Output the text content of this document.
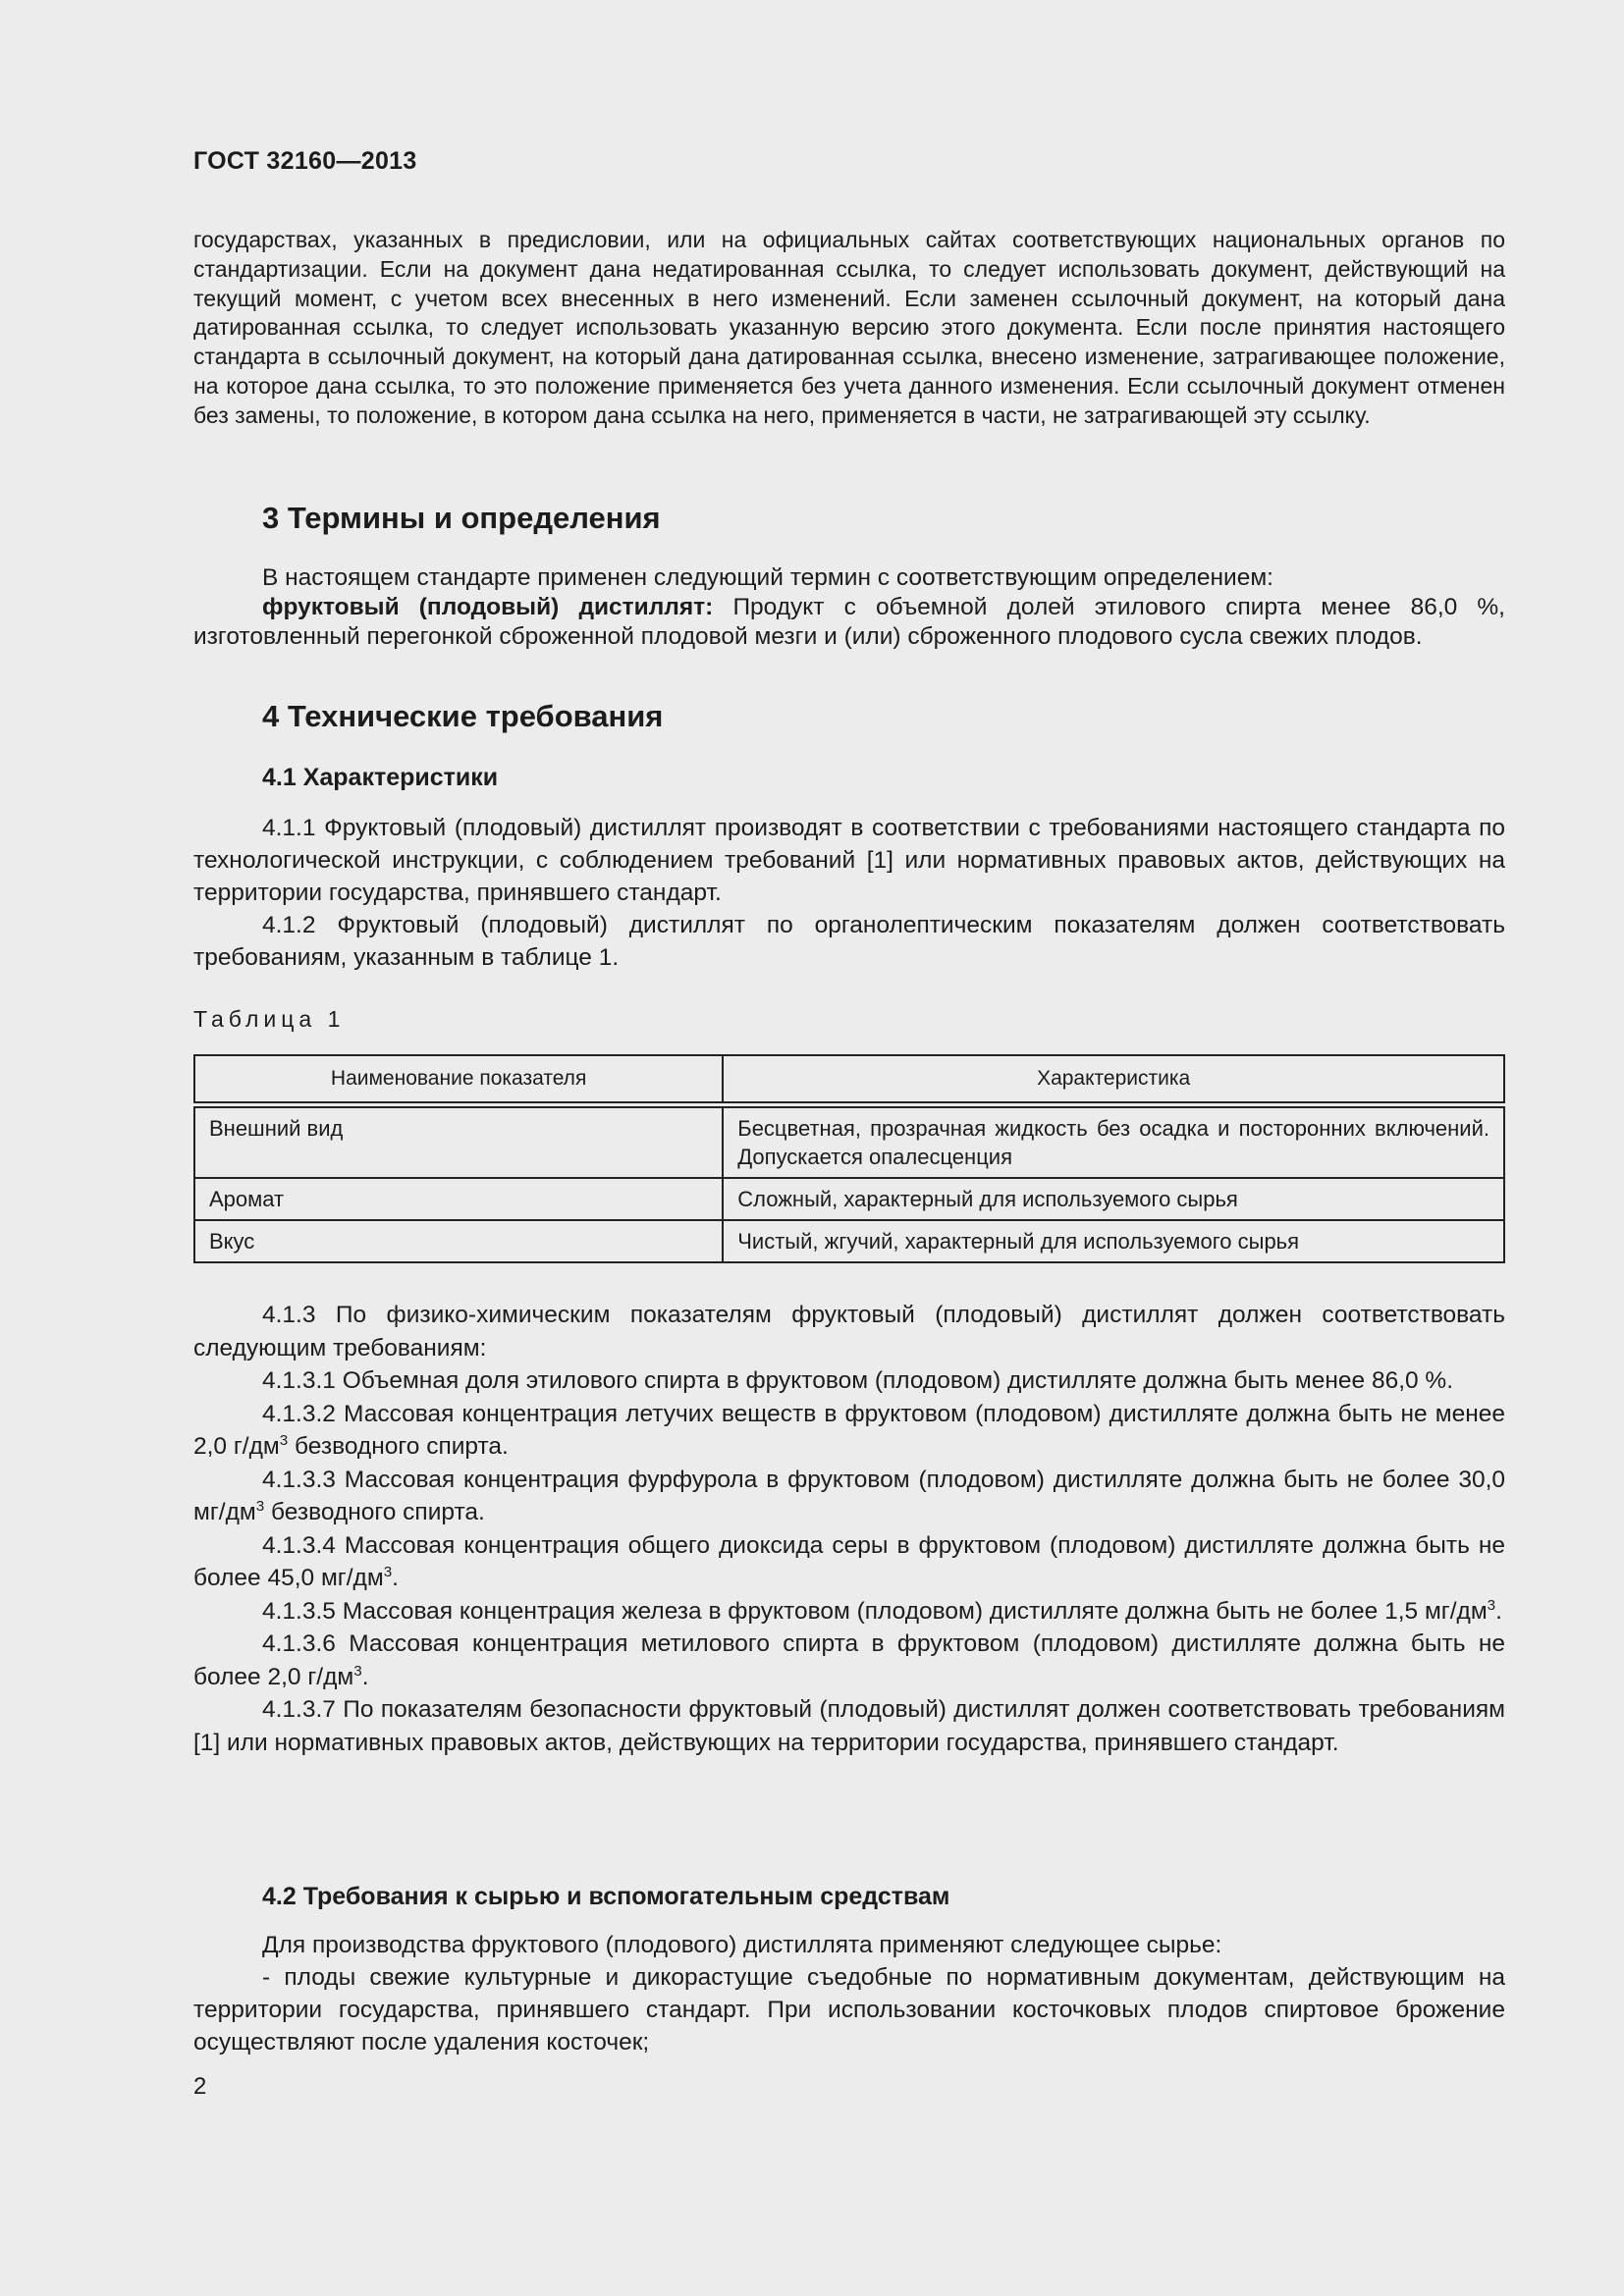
ГОСТ 32160—2013

государствах, указанных в предисловии, или на официальных сайтах соответствующих национальных органов по стандартизации. Если на документ дана недатированная ссылка, то следует использовать документ, действующий на текущий момент, с учетом всех внесенных в него изменений. Если заменен ссылочный документ, на который дана датированная ссылка, то следует использовать указанную версию этого документа. Если после принятия настоящего стандарта в ссылочный документ, на который дана датированная ссылка, внесено изменение, затрагивающее положение, на которое дана ссылка, то это положение применяется без учета данного изменения. Если ссылочный документ отменен без замены, то положение, в котором дана ссылка на него, применяется в части, не затрагивающей эту ссылку.

3 Термины и определения

В настоящем стандарте применен следующий термин с соответствующим определением:

фруктовый (плодовый) дистиллят: Продукт с объемной долей этилового спирта менее 86,0 %, изготовленный перегонкой сброженной плодовой мезги и (или) сброженного плодового сусла свежих плодов.

4 Технические требования
4.1 Характеристики

4.1.1 Фруктовый (плодовый) дистиллят производят в соответствии с требованиями настоящего стандарта по технологической инструкции, с соблюдением требований [1] или нормативных правовых актов, действующих на территории государства, принявшего стандарт.

4.1.2 Фруктовый (плодовый) дистиллят по органолептическим показателям должен соответствовать требованиям, указанным в таблице 1.

Таблица 1

Наименование показателя	Характеристика
Внешний вид	Бесцветная, прозрачная жидкость без осадка и посторонних включений. Допускается опалесценция
Аромат	Сложный, характерный для используемого сырья
Вкус	Чистый, жгучий, характерный для используемого сырья

4.1.3 По физико-химическим показателям фруктовый (плодовый) дистиллят должен соответствовать следующим требованиям:

4.1.3.1 Объемная доля этилового спирта в фруктовом (плодовом) дистилляте должна быть менее 86,0 %.

4.1.3.2 Массовая концентрация летучих веществ в фруктовом (плодовом) дистилляте должна быть не менее 2,0 $г/дм^3$ безводного спирта.

4.1.3.3 Массовая концентрация фурфурола в фруктовом (плодовом) дистилляте должна быть не более 30,0 $мг/дм^3$ безводного спирта.

4.1.3.4 Массовая концентрация общего диоксида серы в фруктовом (плодовом) дистилляте должна быть не более 45,0 $мг/дм^3$.

4.1.3.5 Массовая концентрация железа в фруктовом (плодовом) дистилляте должна быть не более 1,5 $мг/дм^3$.

4.1.3.6 Массовая концентрация метилового спирта в фруктовом (плодовом) дистилляте должна быть не более 2,0 $г/дм^3$.

4.1.3.7 По показателям безопасности фруктовый (плодовый) дистиллят должен соответствовать требованиям [1] или нормативных правовых актов, действующих на территории государства, принявшего стандарт.

4.2 Требования к сырью и вспомогательным средствам

Для производства фруктового (плодового) дистиллята применяют следующее сырье:

- плоды свежие культурные и дикорастущие съедобные по нормативным документам, действующим на территории государства, принявшего стандарт. При использовании косточковых плодов спиртовое брожение осуществляют после удаления косточек;

2
